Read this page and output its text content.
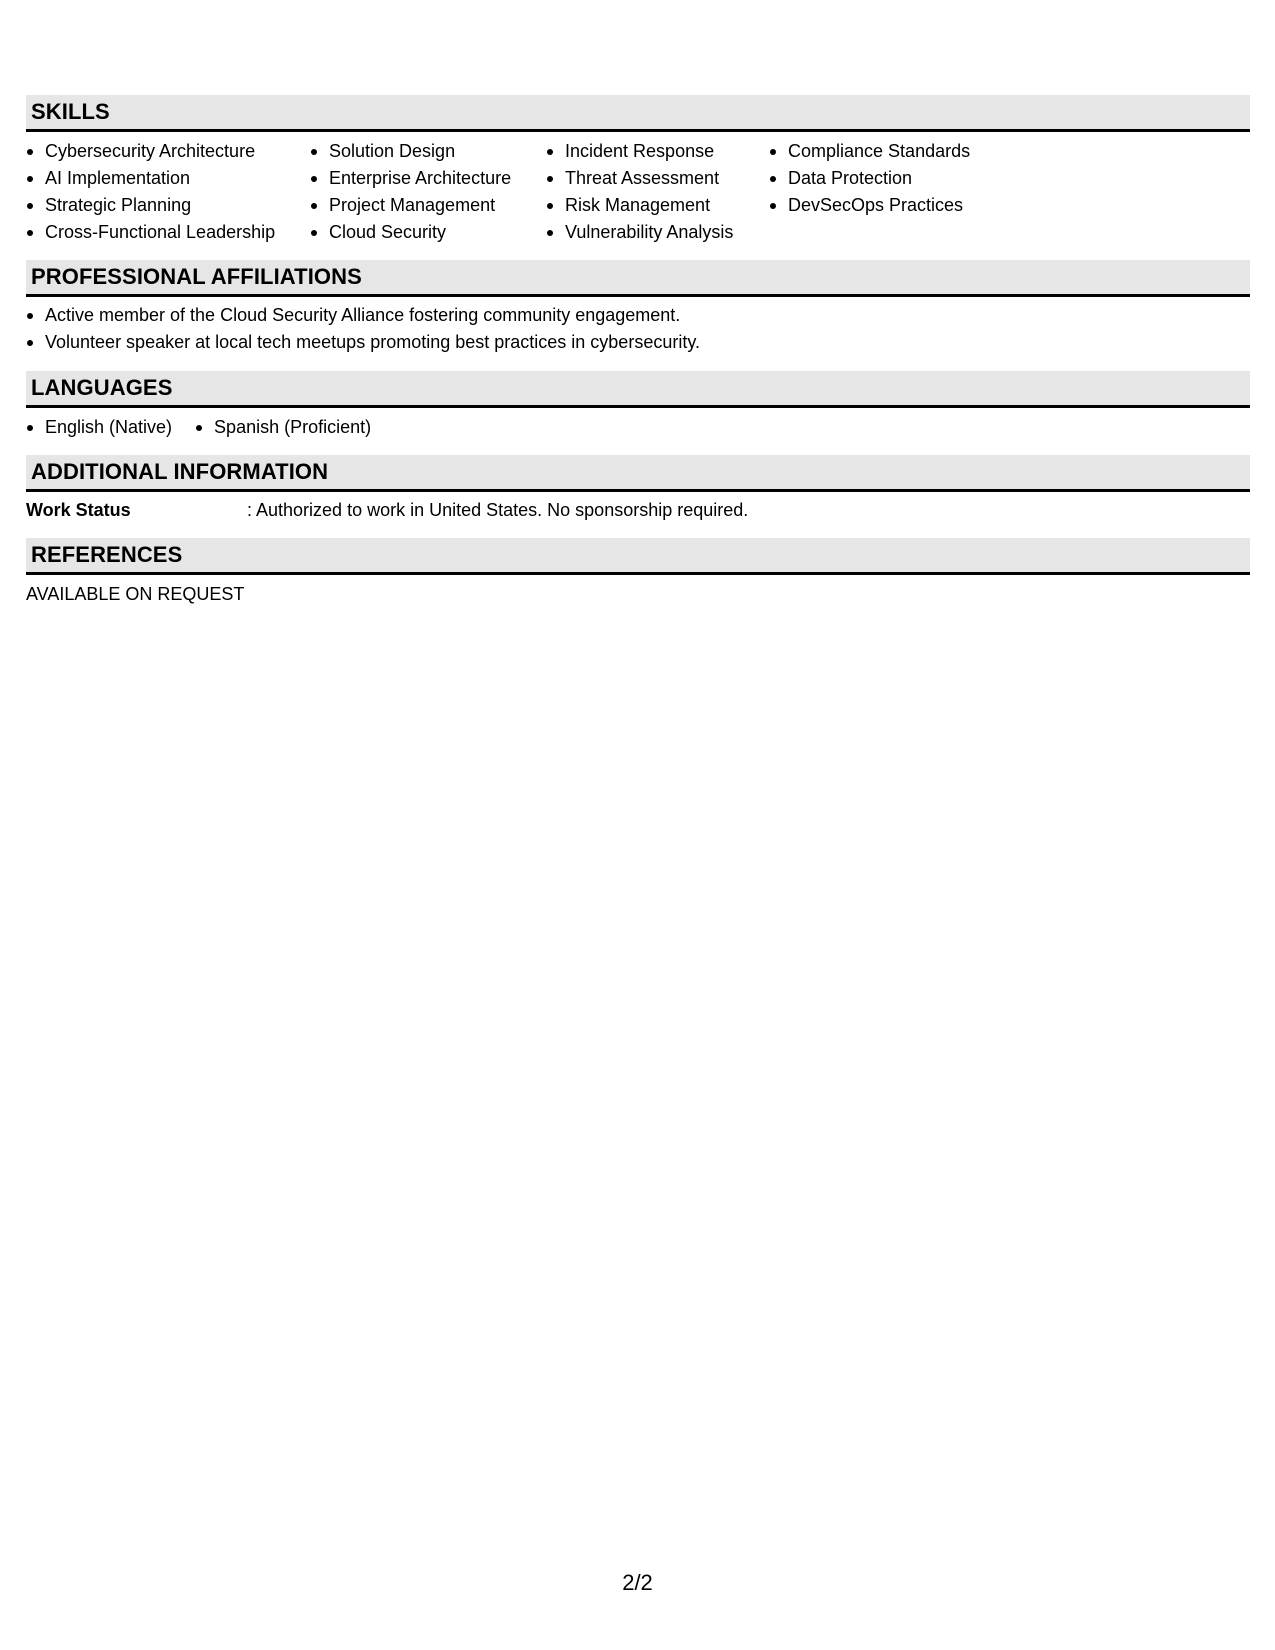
SKILLS
Cybersecurity Architecture
AI Implementation
Strategic Planning
Cross-Functional Leadership
Solution Design
Enterprise Architecture
Project Management
Cloud Security
Incident Response
Threat Assessment
Risk Management
Vulnerability Analysis
Compliance Standards
Data Protection
DevSecOps Practices
PROFESSIONAL AFFILIATIONS
Active member of the Cloud Security Alliance fostering community engagement.
Volunteer speaker at local tech meetups promoting best practices in cybersecurity.
LANGUAGES
English (Native)	Spanish (Proficient)
ADDITIONAL INFORMATION
Work Status	: Authorized to work in United States. No sponsorship required.
REFERENCES
AVAILABLE ON REQUEST
2/2
